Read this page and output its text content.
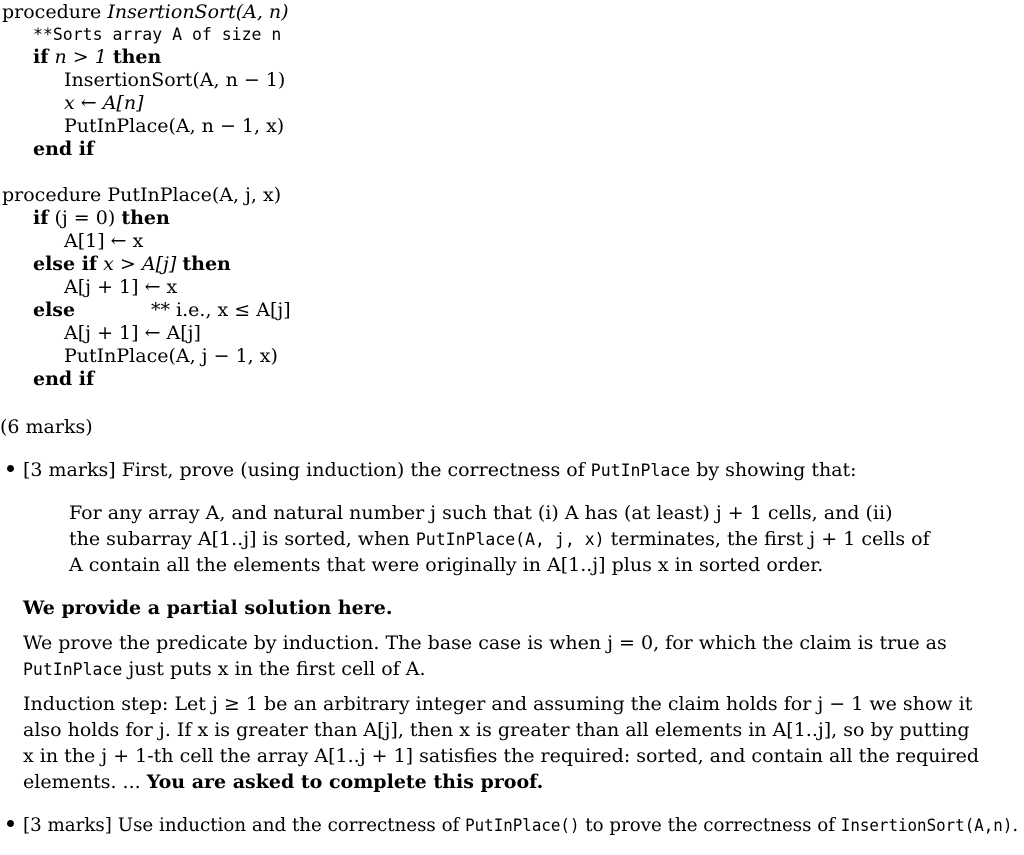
procedure InsertionSort(A, n)
**Sorts array A of size n
if n > 1 then
InsertionSort(A, n − 1)
x ← A[n]
PutInPlace(A, n − 1, x)
end if
procedure PutInPlace(A, j, x)
if (j = 0) then
A[1] ← x
else if x > A[j] then
A[j + 1] ← x
else	** i.e., x ≤ A[j]
A[j + 1] ← A[j]
PutInPlace(A, j − 1, x)
end if
(6 marks)
[3 marks] First, prove (using induction) the correctness of PutInPlace by showing that:
For any array A, and natural number j such that (i) A has (at least) j + 1 cells, and (ii)
the subarray A[1..j] is sorted, when PutInPlace(A, j, x) terminates, the first j + 1 cells of
A contain all the elements that were originally in A[1..j] plus x in sorted order.
We provide a partial solution here.
We prove the predicate by induction. The base case is when j = 0, for which the claim is true as
PutInPlace just puts x in the first cell of A.
Induction step: Let j ≥ 1 be an arbitrary integer and assuming the claim holds for j − 1 we show it
also holds for j. If x is greater than A[j], then x is greater than all elements in A[1..j], so by putting
x in the j + 1-th cell the array A[1..j + 1] satisfies the required: sorted, and contain all the required
elements. ... You are asked to complete this proof.
[3 marks] Use induction and the correctness of PutInPlace() to prove the correctness of InsertionSort(A,n).
